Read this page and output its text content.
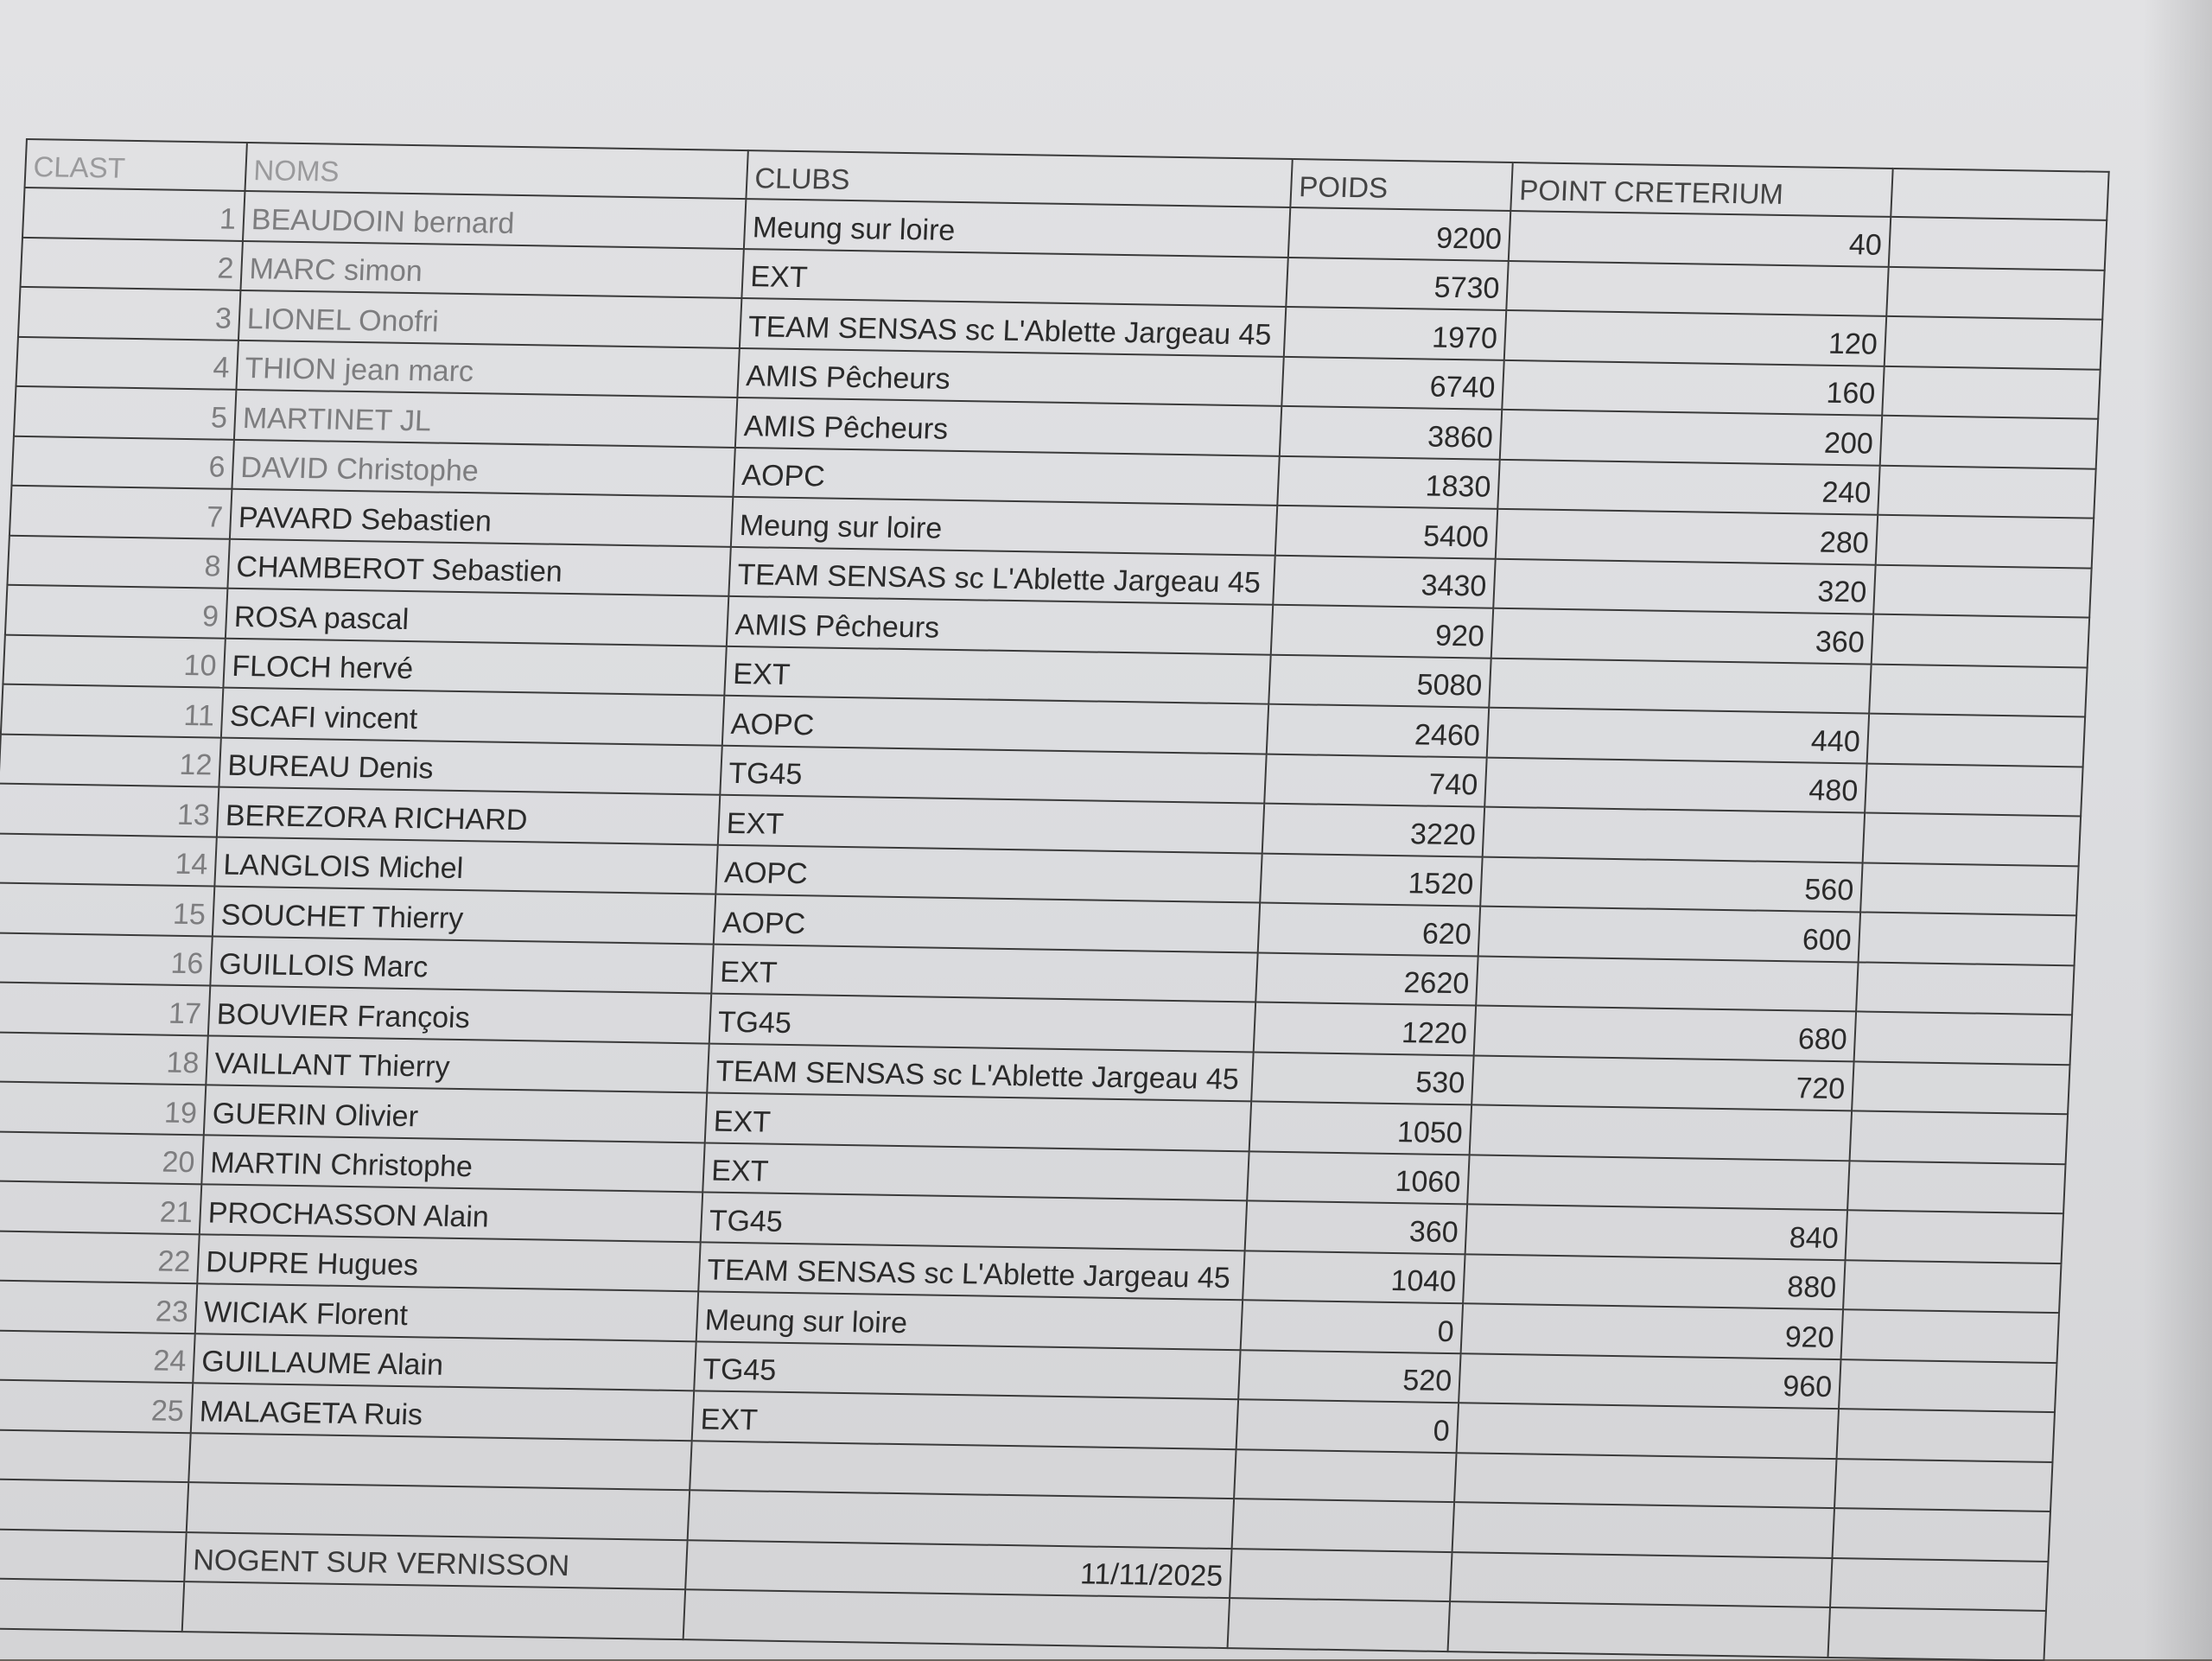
CLAST	NOMS	CLUBS	POIDS	POINT CRETERIUM	
1	BEAUDOIN bernard	Meung sur loire	9200	40	
2	MARC simon	EXT	5730		
3	LIONEL Onofri	TEAM SENSAS sc L'Ablette Jargeau 45	1970	120	
4	THION jean marc	AMIS Pêcheurs	6740	160	
5	MARTINET JL	AMIS Pêcheurs	3860	200	
6	DAVID Christophe	AOPC	1830	240	
7	PAVARD Sebastien	Meung sur loire	5400	280	
8	CHAMBEROT Sebastien	TEAM SENSAS sc L'Ablette Jargeau 45	3430	320	
9	ROSA pascal	AMIS Pêcheurs	920	360	
10	FLOCH hervé	EXT	5080		
11	SCAFI vincent	AOPC	2460	440	
12	BUREAU Denis	TG45	740	480	
13	BEREZORA RICHARD	EXT	3220		
14	LANGLOIS Michel	AOPC	1520	560	
15	SOUCHET Thierry	AOPC	620	600	
16	GUILLOIS Marc	EXT	2620		
17	BOUVIER François	TG45	1220	680	
18	VAILLANT Thierry	TEAM SENSAS sc L'Ablette Jargeau 45	530	720	
19	GUERIN Olivier	EXT	1050		
20	MARTIN Christophe	EXT	1060		
21	PROCHASSON Alain	TG45	360	840	
22	DUPRE Hugues	TEAM SENSAS sc L'Ablette Jargeau 45	1040	880	
23	WICIAK Florent	Meung sur loire	0	920	
24	GUILLAUME Alain	TG45	520	960	
25	MALAGETA Ruis	EXT	0		

	NOGENT SUR VERNISSON	11/11/2025			
